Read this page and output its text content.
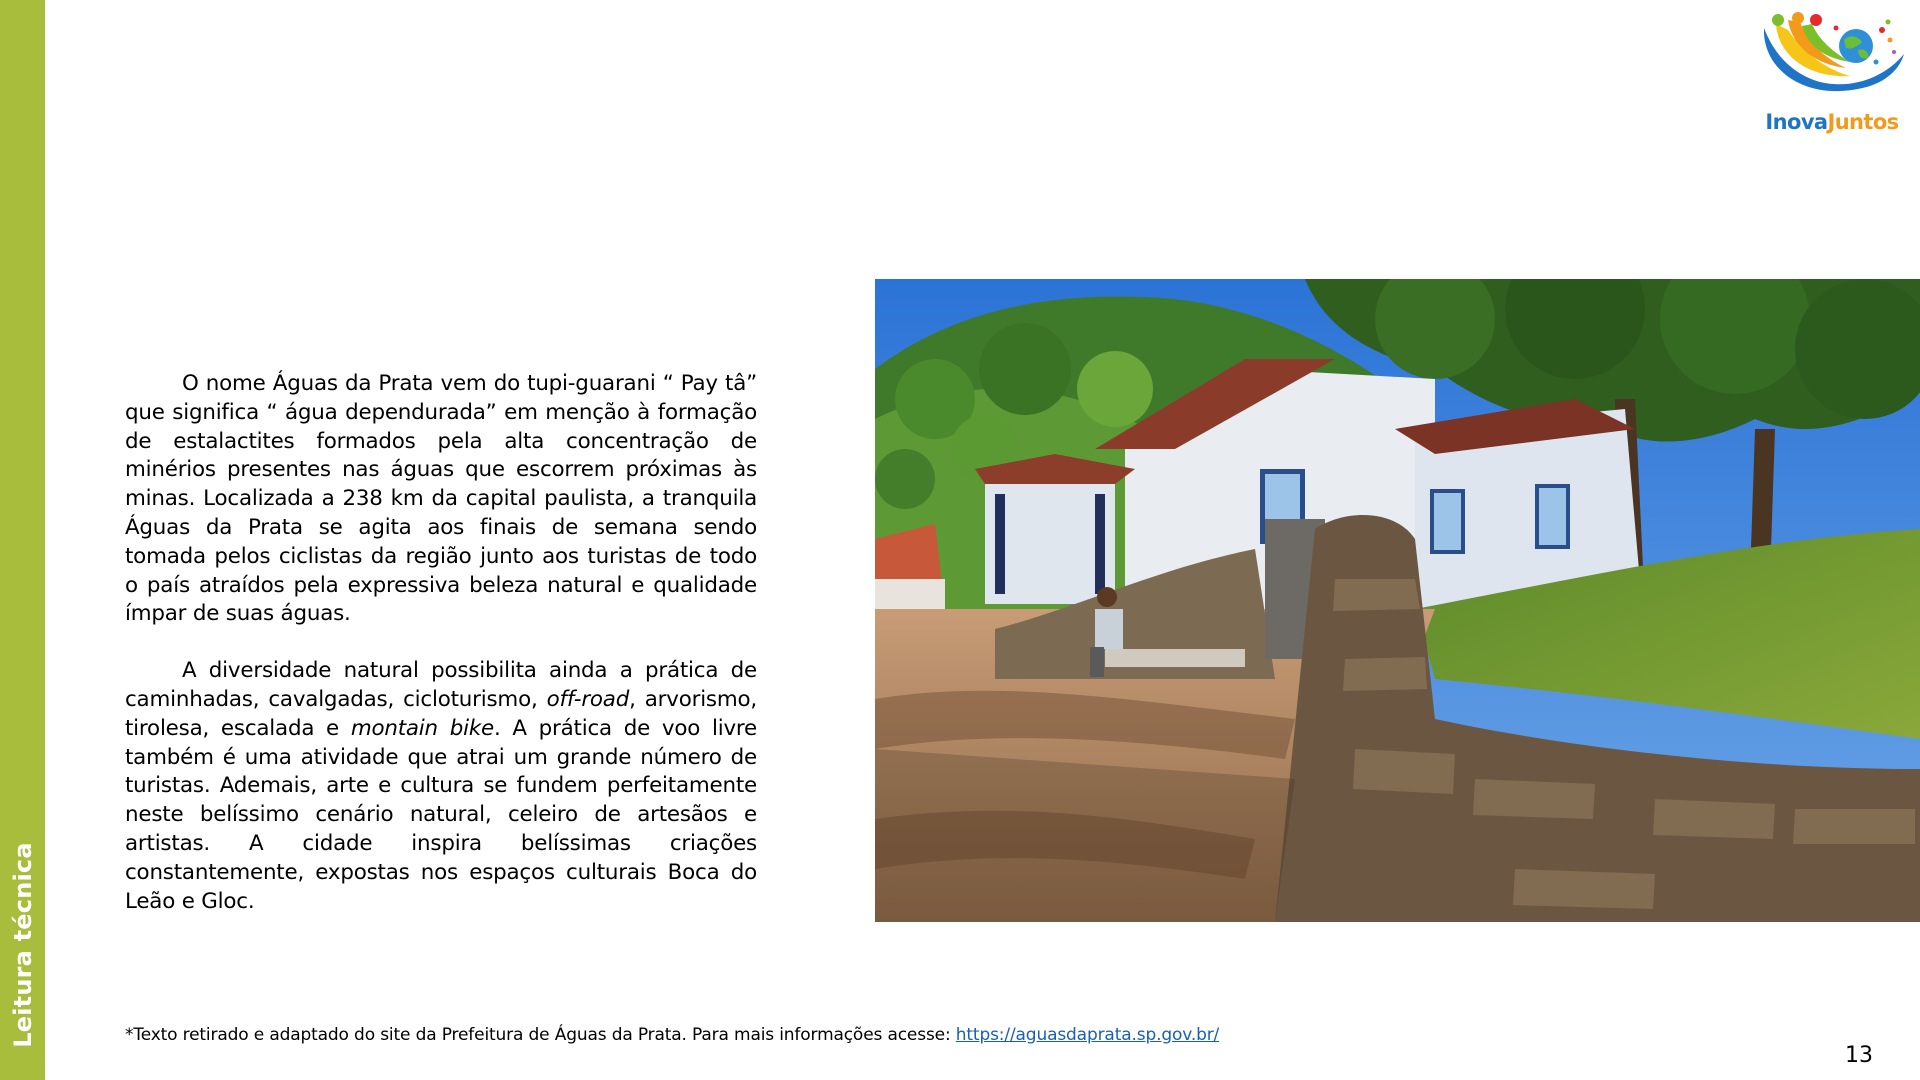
Leitura técnica
InovaJuntos

O nome Águas da Prata vem do tupi-guarani “ Pay tâ” que significa “ água dependurada” em menção à formação de estalactites formados pela alta concentração de minérios presentes nas águas que escorrem próximas às minas. Localizada a 238 km da capital paulista, a tranquila Águas da Prata se agita aos finais de semana sendo tomada pelos ciclistas da região junto aos turistas de todo o país atraídos pela expressiva beleza natural e qualidade ímpar de suas águas.

A diversidade natural possibilita ainda a prática de caminhadas, cavalgadas, cicloturismo, off-road, arvorismo, tirolesa, escalada e montain bike. A prática de voo livre também é uma atividade que atrai um grande número de turistas. Ademais, arte e cultura se fundem perfeitamente neste belíssimo cenário natural, celeiro de artesãos e artistas. A cidade inspira belíssimas criações constantemente, expostas nos espaços culturais Boca do Leão e Gloc.

*Texto retirado e adaptado do site da Prefeitura de Águas da Prata. Para mais informações acesse: https://aguasdaprata.sp.gov.br/
13
